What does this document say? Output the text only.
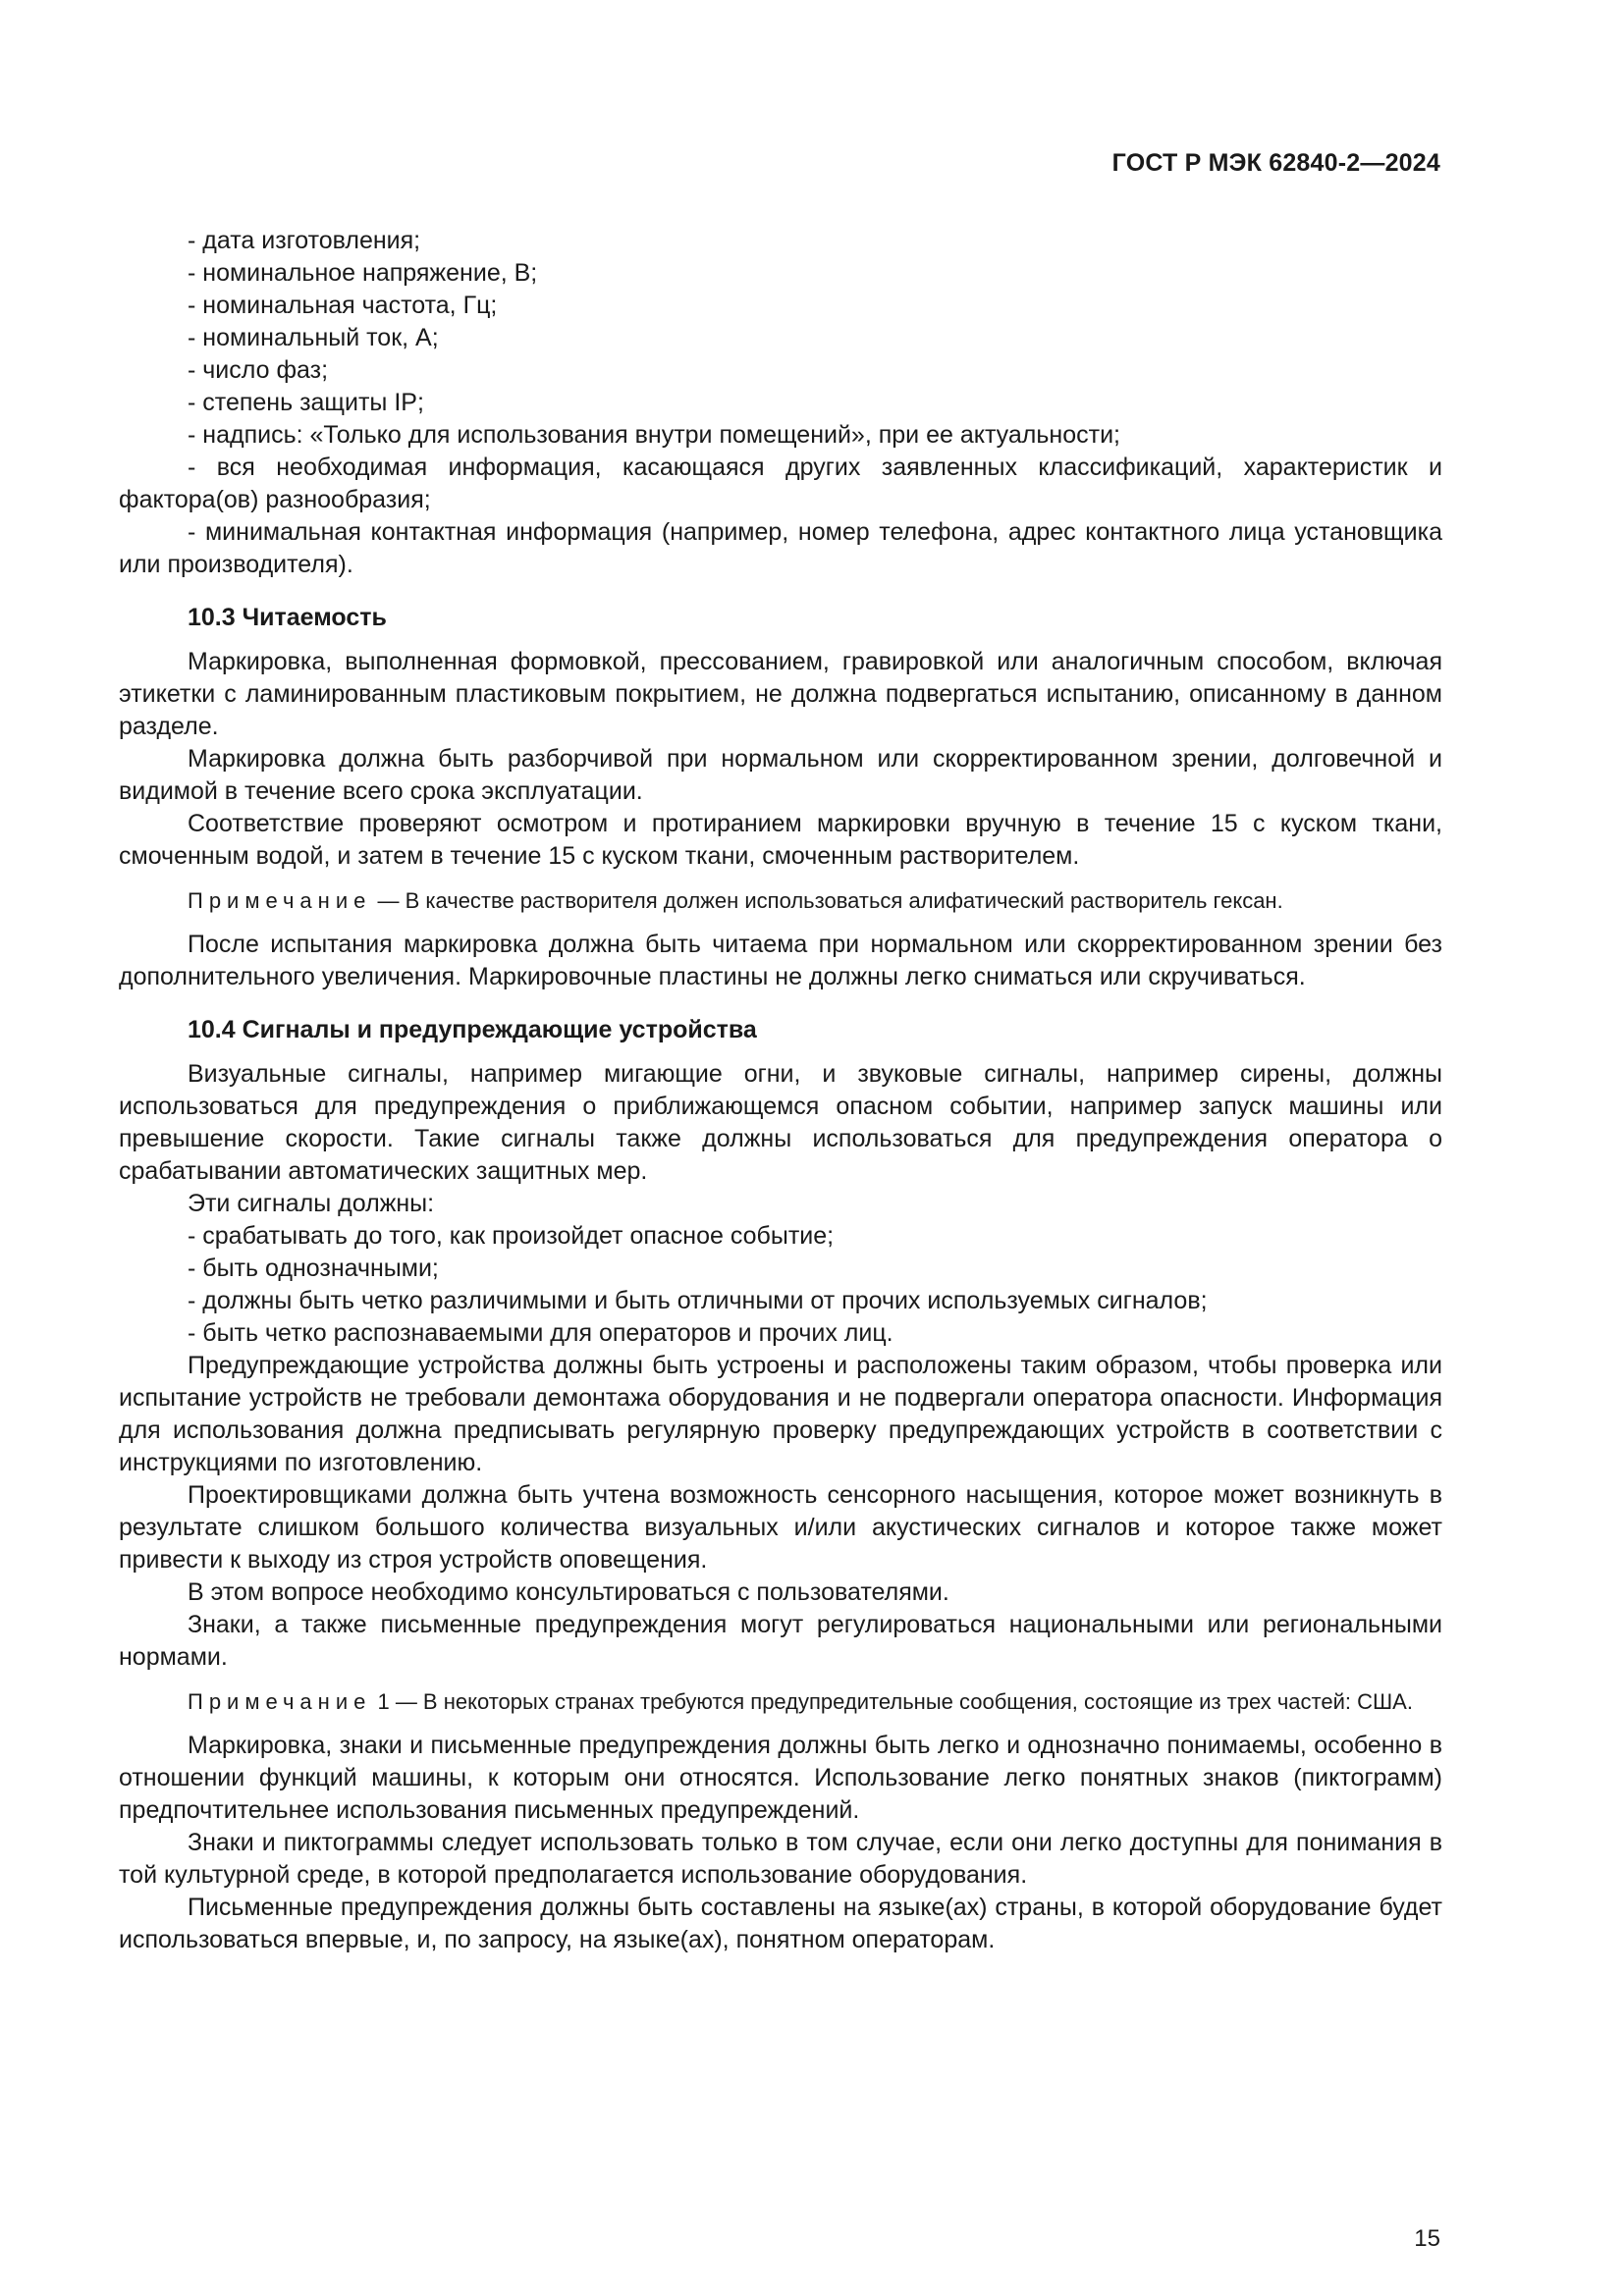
ГОСТ Р МЭК 62840-2—2024

- дата изготовления;

- номинальное напряжение, В;

- номинальная частота, Гц;

- номинальный ток, А;

- число фаз;

- степень защиты IP;

- надпись: «Только для использования внутри помещений», при ее актуальности;

- вся необходимая информация, касающаяся других заявленных классификаций, характеристик и фактора(ов) разнообразия;

- минимальная контактная информация (например, номер телефона, адрес контактного лица установщика или производителя).

10.3 Читаемость

Маркировка, выполненная формовкой, прессованием, гравировкой или аналогичным способом, включая этикетки с ламинированным пластиковым покрытием, не должна подвергаться испытанию, описанному в данном разделе.

Маркировка должна быть разборчивой при нормальном или скорректированном зрении, долговечной и видимой в течение всего срока эксплуатации.

Соответствие проверяют осмотром и протиранием маркировки вручную в течение 15 с куском ткани, смоченным водой, и затем в течение 15 с куском ткани, смоченным растворителем.

Примечание — В качестве растворителя должен использоваться алифатический растворитель гексан.

После испытания маркировка должна быть читаема при нормальном или скорректированном зрении без дополнительного увеличения. Маркировочные пластины не должны легко сниматься или скручиваться.

10.4 Сигналы и предупреждающие устройства

Визуальные сигналы, например мигающие огни, и звуковые сигналы, например сирены, должны использоваться для предупреждения о приближающемся опасном событии, например запуск машины или превышение скорости. Такие сигналы также должны использоваться для предупреждения оператора о срабатывании автоматических защитных мер.

Эти сигналы должны:

- срабатывать до того, как произойдет опасное событие;

- быть однозначными;

- должны быть четко различимыми и быть отличными от прочих используемых сигналов;

- быть четко распознаваемыми для операторов и прочих лиц.

Предупреждающие устройства должны быть устроены и расположены таким образом, чтобы проверка или испытание устройств не требовали демонтажа оборудования и не подвергали оператора опасности. Информация для использования должна предписывать регулярную проверку предупреждающих устройств в соответствии с инструкциями по изготовлению.

Проектировщиками должна быть учтена возможность сенсорного насыщения, которое может возникнуть в результате слишком большого количества визуальных и/или акустических сигналов и которое также может привести к выходу из строя устройств оповещения.

В этом вопросе необходимо консультироваться с пользователями.

Знаки, а также письменные предупреждения могут регулироваться национальными или региональными нормами.

Примечание 1 — В некоторых странах требуются предупредительные сообщения, состоящие из трех частей: США.

Маркировка, знаки и письменные предупреждения должны быть легко и однозначно понимаемы, особенно в отношении функций машины, к которым они относятся. Использование легко понятных знаков (пиктограмм) предпочтительнее использования письменных предупреждений.

Знаки и пиктограммы следует использовать только в том случае, если они легко доступны для понимания в той культурной среде, в которой предполагается использование оборудования.

Письменные предупреждения должны быть составлены на языке(ах) страны, в которой оборудование будет использоваться впервые, и, по запросу, на языке(ах), понятном операторам.

15
